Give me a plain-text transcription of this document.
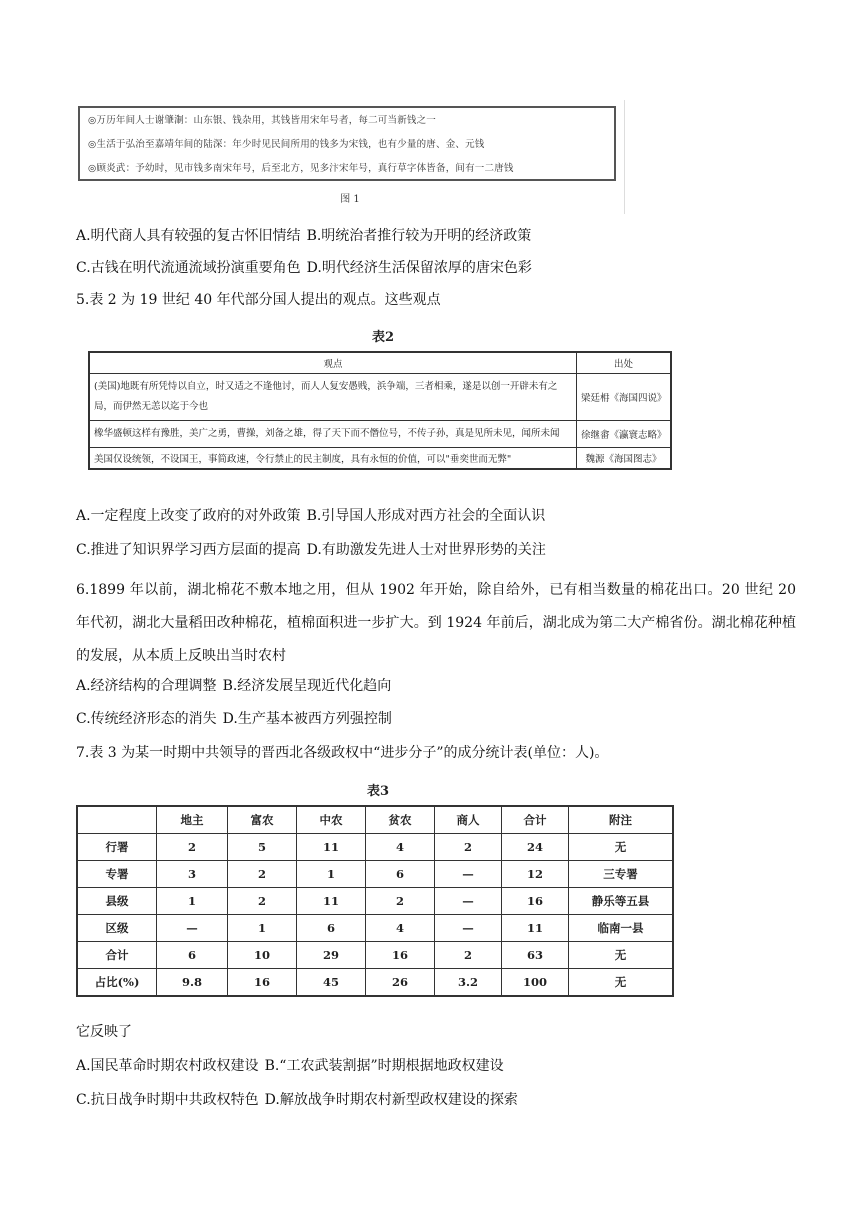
◎万历年间人士谢肇淛：山东银、钱杂用，其钱皆用宋年号者，每二可当新钱之一
◎生活于弘治至嘉靖年间的陆深：年少时见民间所用的钱多为宋钱，也有少量的唐、金、元钱
◎顾炎武：予幼时，见市钱多南宋年号，后至北方，见多汴宋年号，真行草字体皆备，间有一二唐钱
图 1
A.明代商人具有较强的复古怀旧情结 B.明统治者推行较为开明的经济政策
C.古钱在明代流通流域扮演重要角色 D.明代经济生活保留浓厚的唐宋色彩
5.表 2 为 19 世纪 40 年代部分国人提出的观点。这些观点
表2
观点	出处
(美国)地既有所凭恃以自立，时又适之不逢他讨，而人人复安愚贱，浜争端，三者相乘，遂是以创一开辟未有之局，而伊然无恙以迄于今也	梁廷枏《海国四说》
橡华盛顿这样有豫胜，美广之勇，曹操，刘备之雄，得了天下而不僭位号，不传子孙，真是见所未见，闻所未闻	徐继畬《瀛寰志略》
美国仅设统领，不设国王，事简政速，令行禁止的民主制度，具有永恒的价值，可以"垂奕世而无弊"	魏源《海国图志》
A.一定程度上改变了政府的对外政策 B.引导国人形成对西方社会的全面认识
C.推进了知识界学习西方层面的提高 D.有助激发先进人士对世界形势的关注
6.1899 年以前，湖北棉花不敷本地之用，但从 1902 年开始，除自给外，已有相当数量的棉花出口。20 世纪 20 年代初，湖北大量稻田改种棉花，植棉面积进一步扩大。到 1924 年前后，湖北成为第二大产棉省份。湖北棉花种植的发展，从本质上反映出当时农村
A.经济结构的合理调整 B.经济发展呈现近代化趋向
C.传统经济形态的消失 D.生产基本被西方列强控制
7.表 3 为某一时期中共领导的晋西北各级政权中“进步分子”的成分统计表(单位：人)。
表3
	地主	富农	中农	贫农	商人	合计	附注
行署	2	5	11	4	2	24	无
专署	3	2	1	6	—	12	三专署
县级	1	2	11	2	—	16	静乐等五县
区级	—	1	6	4	—	11	临南一县
合计	6	10	29	16	2	63	无
占比(%)	9.8	16	45	26	3.2	100	无
它反映了
A.国民革命时期农村政权建设 B.“工农武装割据”时期根据地政权建设
C.抗日战争时期中共政权特色 D.解放战争时期农村新型政权建设的探索
